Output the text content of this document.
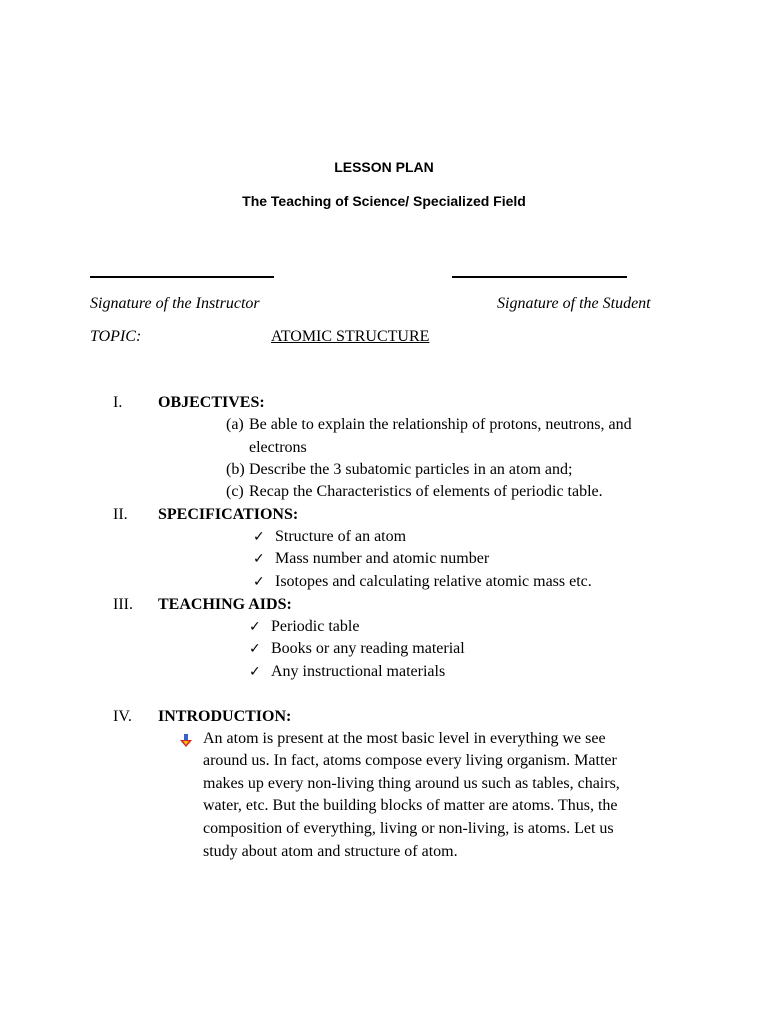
LESSON PLAN
The Teaching of Science/ Specialized Field
Signature of the Instructor	Signature of the Student
TOPIC:	ATOMIC STRUCTURE
I. OBJECTIVES:
(a) Be able to explain the relationship of protons, neutrons, and
electrons
(b) Describe the 3 subatomic particles in an atom and;
(c) Recap the Characteristics of elements of periodic table.
II. SPECIFICATIONS:
✓ Structure of an atom
✓ Mass number and atomic number
✓ Isotopes and calculating relative atomic mass etc.
III. TEACHING AIDS:
✓ Periodic table
✓ Books or any reading material
✓ Any instructional materials
IV. INTRODUCTION:
An atom is present at the most basic level in everything we see
around us. In fact, atoms compose every living organism. Matter
makes up every non-living thing around us such as tables, chairs,
water, etc. But the building blocks of matter are atoms. Thus, the
composition of everything, living or non-living, is atoms. Let us
study about atom and structure of atom.
